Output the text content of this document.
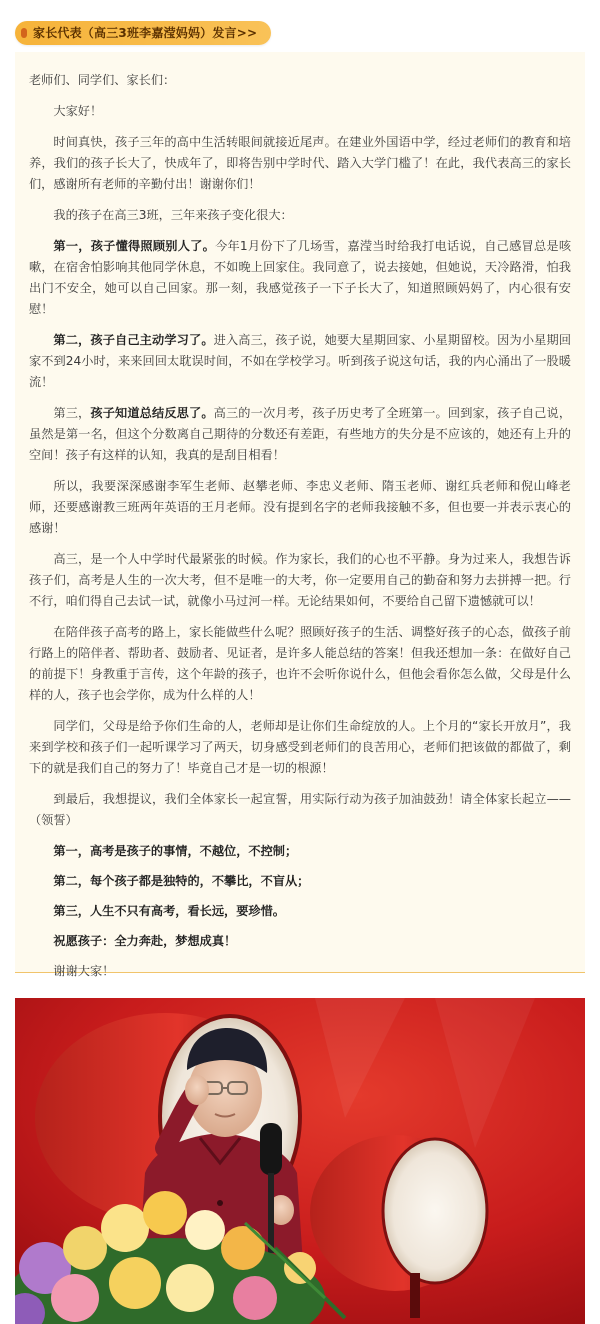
家长代表（高三3班李嘉滢妈妈）发言>>

老师们、同学们、家长们：

大家好！

时间真快，孩子三年的高中生活转眼间就接近尾声。在建业外国语中学，经过老师们的教育和培养，我们的孩子长大了，快成年了，即将告别中学时代、踏入大学门槛了！在此，我代表高三的家长们，感谢所有老师的辛勤付出！谢谢你们！

我的孩子在高三3班，三年来孩子变化很大：

第一，孩子懂得照顾别人了。今年1月份下了几场雪，嘉滢当时给我打电话说，自己感冒总是咳嗽，在宿舍怕影响其他同学休息，不如晚上回家住。我同意了，说去接她，但她说，天冷路滑，怕我出门不安全，她可以自己回家。那一刻，我感觉孩子一下子长大了，知道照顾妈妈了，内心很有安慰！

第二，孩子自己主动学习了。进入高三，孩子说，她要大星期回家、小星期留校。因为小星期回家不到24小时，来来回回太耽误时间，不如在学校学习。听到孩子说这句话，我的内心涌出了一股暖流！

第三，孩子知道总结反思了。高三的一次月考，孩子历史考了全班第一。回到家，孩子自己说，虽然是第一名，但这个分数离自己期待的分数还有差距，有些地方的失分是不应该的，她还有上升的空间！孩子有这样的认知，我真的是刮目相看！

所以，我要深深感谢李军生老师、赵攀老师、李忠义老师、隋玉老师、谢红兵老师和倪山峰老师，还要感谢教三班两年英语的王月老师。没有提到名字的老师我接触不多，但也要一并表示衷心的感谢！

高三，是一个人中学时代最紧张的时候。作为家长，我们的心也不平静。身为过来人，我想告诉孩子们，高考是人生的一次大考，但不是唯一的大考，你一定要用自己的勤奋和努力去拼搏一把。行不行，咱们得自己去试一试，就像小马过河一样。无论结果如何，不要给自己留下遗憾就可以！

在陪伴孩子高考的路上，家长能做些什么呢？照顾好孩子的生活、调整好孩子的心态，做孩子前行路上的陪伴者、帮助者、鼓励者、见证者，是许多人能总结的答案！但我还想加一条：在做好自己的前提下！身教重于言传，这个年龄的孩子，也许不会听你说什么，但他会看你怎么做，父母是什么样的人，孩子也会学你，成为什么样的人！

同学们，父母是给予你们生命的人，老师却是让你们生命绽放的人。上个月的“家长开放月”，我来到学校和孩子们一起听课学习了两天，切身感受到老师们的良苦用心，老师们把该做的都做了，剩下的就是我们自己的努力了！毕竟自己才是一切的根源！

到最后，我想提议，我们全体家长一起宣誓，用实际行动为孩子加油鼓劲！请全体家长起立——（领誓）

第一，高考是孩子的事情，不越位，不控制；

第二，每个孩子都是独特的，不攀比，不盲从；

第三，人生不只有高考，看长远，要珍惜。

祝愿孩子：全力奔赴，梦想成真！

谢谢大家！
